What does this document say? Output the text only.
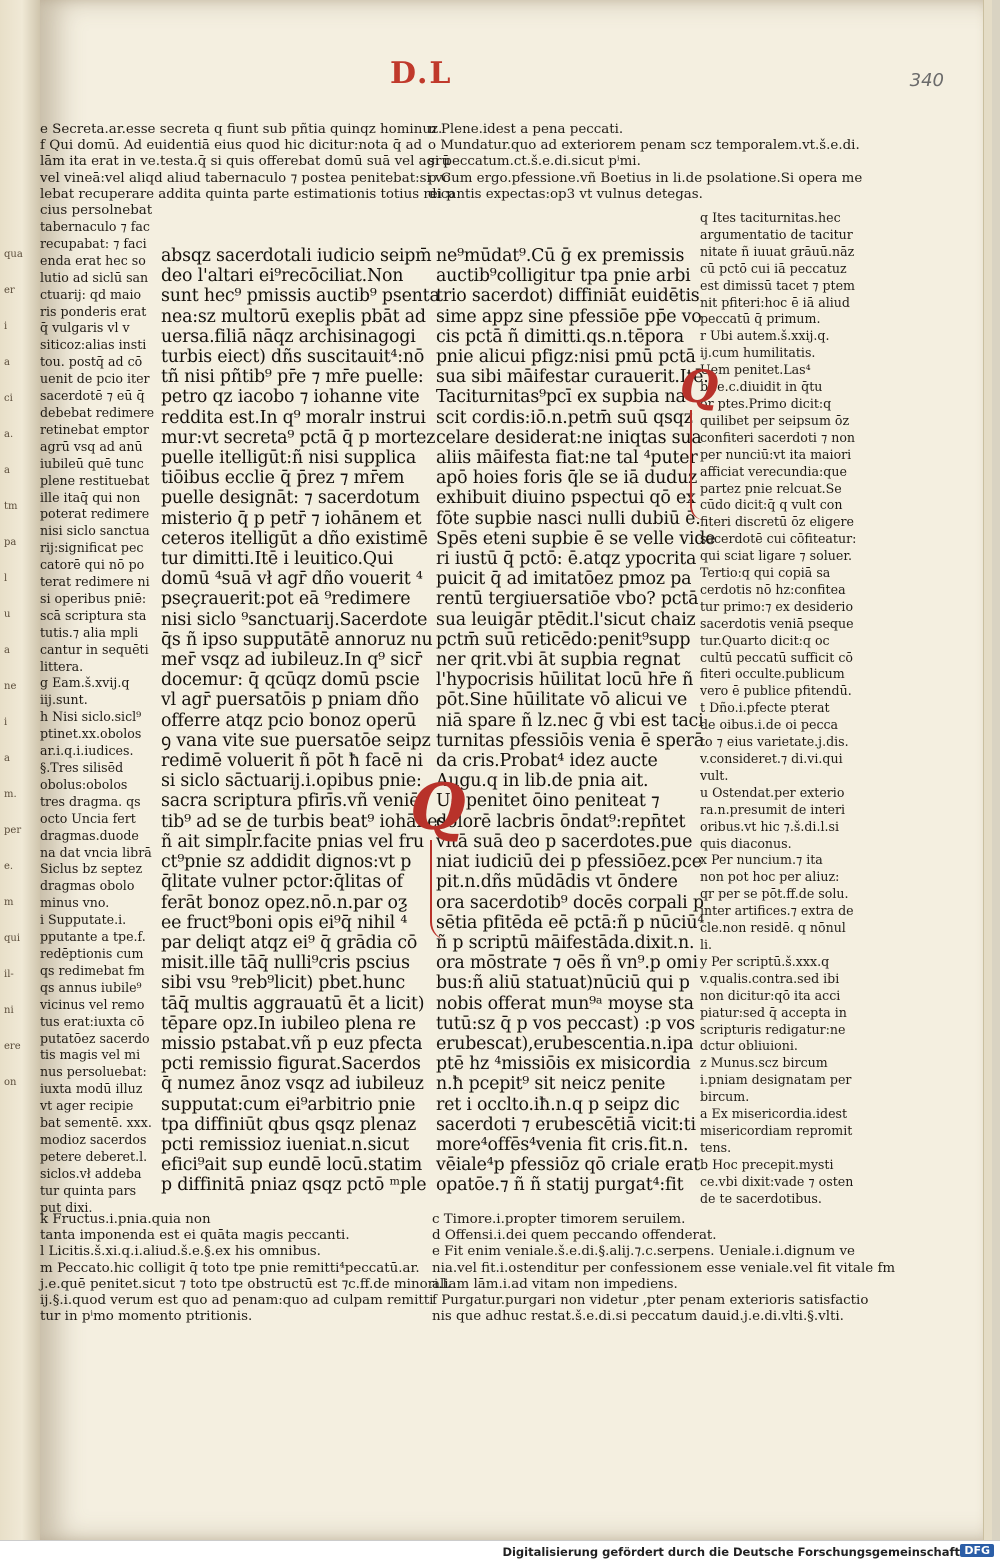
qua
er
i
a
ci
a.
a
tm
pa
l
u
a
ne
i
a
m.
per
e.
m
qui
il-
ni
ere
on
D.L	340
e Secreta.ar.esse secreta q fiunt sub pñtia quinqz hominuz.
f Qui domū. Ad euidentiā eius quod hic dicitur:nota q̄ ad
lām ita erat in ve.testa.q̄ si quis offerebat domū suā vel agrū
vel vineā:vel aliqd aliud tabernaculo ⁊ postea penitebat:si vo
lebat recuperare addita quinta parte estimationis totius rei p
cius persolnebat
tabernaculo ⁊ fac
recupabat: ⁊ faci
enda erat hec so
lutio ad siclū san
ctuarij: qd maio
ris ponderis erat
q̄ vulgaris vl v
siticoz:alias insti
tou. postq̄ ad cō
uenit de pcio iter
sacerdotē ⁊ eū q̄
debebat redimere
retinebat emptor
agrū vsq ad anū
iubileū quē tunc
plene restituebat
ille itaq̄ qui non
poterat redimere
nisi siclo sanctua
rij:significat pec
catorē qui nō po
terat redimere ni
si operibus pniē:
scā scriptura sta
tutis.⁊ alia mpli
cantur in sequēti
littera.
g Eam.š.xvij.q
iij.sunt.
h Nisi siclo.sicl⁹
ptinet.xx.obolos
ar.i.q.i.iudices.
§.Tres silisēd
obolus:obolos
tres dragma. qs
octo Uncia fert
dragmas.duode
na dat vncia librā
Siclus bz septez
dragmas obolo
minus vno.
i Supputate.i.
pputante a tpe.f.
redēptionis cum
qs redimebat fm
qs annus iubile⁹
vicinus vel remo
tus erat:iuxta cō
putatōez sacerdo
tis magis vel mi
nus persoluebat:
iuxta modū illuz
vt ager recipie
bat sementē. xxx.
modioz sacerdos
petere deberet.l.
siclos.vł addeba
tur quinta pars
put dixi.
absqz sacerdotali iudicio seipm̄
deo l'altari ei⁹recōciliat.Non
sunt hec⁹ pmissis auctib⁹ psenta
nea:sz multorū exeplis pbāt ad
uersa.filiā nāqz archisinagogi
turbis eiect) dñs suscitauit⁴:nō
tñ nisi pñtib⁹ pr̄e ⁊ mr̄e puelle:
petro qz iacobo ⁊ iohanne vite
reddita est.In q⁹ moralr instrui
mur:vt secreta⁹ pctā q̄ p mortez
puelle itelligūt:ñ nisi supplica
tiōibus ecclie q̄ p̄rez ⁊ mr̄em
puelle designāt: ⁊ sacerdotum
misterio q̄ p petr̄ ⁊ iohānem et
ceteros itelligūt a dño existimē
tur dimitti.Itē i leuitico.Qui
domū ⁴suā vł agr̄ dño vouerit ⁴
pseçrauerit:pot eā ⁹redimere
nisi siclo ⁹sanctuarij.Sacerdote
q̄s ñ ipso supputātē annoruz nu
mer̄ vsqz ad iubileuz.In q⁹ sicr̄
docemur: q̄ qcūqz domū pscie
vl agr̄ puersatōis p pniam dño
offerre atqz pcio bonoz operū
ꝯ vana vite sue puersatōe seipz
redimē voluerit ñ pōt ħ facē ni
si siclo sāctuarij.i.opibus pnie:
sacra scriptura pfirīs.vñ veniē
tib⁹ ad se de turbis beat⁹ iohānes
ñ ait simpl̄r.facite pnias vel fru
ct⁹pnie sz addidit dignos:vt p
q̄litate vulner pctor:q̄litas of
ferāt bonoz opez.nō.n.par oƺ
ee fruct⁹boni opis ei⁹q̄ nihil ⁴
par deliqt atqz ei⁹ q̄ grādia cō
misit.ille tāq̄ nulli⁹cris pscius
sibi vsu ⁹reb⁹licit) pbet.hunc
tāq̄ multis aggrauatū ēt a licit)
tēpare opz.In iubileo plena re
missio pstabat.vñ p euz pfecta
pcti remissio figurat.Sacerdos
q̄ numez ānoz vsqz ad iubileuz
supputat:cum ei⁹arbitrio pnie
tpa diffiniūt qbus qsqz plenaz
pcti remissioz iueniat.n.sicut
efici⁹ait sup eundē locū.statim
p diffinitā pniaz qsqz pctō ᵐple
ne⁹mūdat⁹.Cū ḡ ex premissis
auctib⁹colligitur tpa pnie arbi
trio sacerdot) diffiniāt euidētis
sime appz sine pfessiōe pp̄e vo
cis pctā ñ dimitti.qs.n.tēpora
pnie alicui pfigz:nisi pmū pctā
sua sibi māifestar curauerit.Itē.
Taciturnitas⁹pcī ex supbia na
scit cordis:iō.n.petm̄ suū qsqz
celare desiderat:ne iniqtas sua
aliis māifesta fiat:ne tal ⁴puter
apō hoies foris q̄le se iā duduz
exhibuit diuino pspectui qō ex
fōte supbie nasci nulli dubiū ē.
Spēs eteni supbie ē se velle vide
ri iustū q̄ pctō: ē.atqz ypocrita
puicit q̄ ad imitatōez pmoz pa
rentū tergiuersatiōe vbo? pctā
sua leuigār ptēdit.l'sicut chaiz
pctm̄ suū reticēdo:penit⁹supp
ner qrit.vbi āt supbia regnat
l'hypocrisis hūilitat locū hr̄e ñ
pōt.Sine hūilitate vō alicui ve
niā spare ñ lz.nec ḡ vbi est taci
turnitas pfessiōis venia ē sperā
da cris.Probat⁴ idez aucte
Augu.q in lib.de pnia ait.
Uē penitet ōino peniteat ⁊
dolorē lacbris ōndat⁹:repn̄tet
vitā suā deo p sacerdotes.pue
niat iudiciū dei p pfessiōez.pce
pit.n.dñs mūdādis vt ōndere
ora sacerdotib⁹ docēs corpali p
sētia pfitēda eē pctā:ñ p nūciū⁴
ñ p scriptū māifestāda.dixit.n.
ora mōstrate ⁊ oēs ñ vn⁹.p omi
bus:ñ aliū statuat)nūciū qui p
nobis offerat mun⁹ᵃ moyse sta
tutū:sz q̄ p vos peccast) :p vos
erubescat),erubescentia.n.ipa
ptē hz ⁴missiōis ex misicordia
n.ħ pcepit⁹ sit neicz penite
ret i occlto.iħ.n.q p seipz dic
sacerdoti ⁊ erubescētiā vicit:ti
more⁴offēs⁴venia fit cris.fit.n.
vēiale⁴p pfessiōz qō criale erat
opatōe.⁊ ñ ñ statij purgat⁴:fit
q Ites taciturnitas.hec
argumentatio de tacitur
nitate ñ iuuat grāuū.nāz
cū pctō cui iā peccatuz
est dimissū tacet ⁊ ptem
nit pfiteri:hoc ē iā aliud
peccatū q̄ primum.
r Ubi autem.š.xxij.q.
ij.cum humilitatis.
Uem penitet.Las⁴
b⁹.e.c.diuidit in q̄tu
or ptes.Primo dicit:q
quilibet per seipsum ōz
confiteri sacerdoti ⁊ non
per nunciū:vt ita maiori
afficiat verecundia:que
partez pnie relcuat.Se
cūdo dicit:q̄ q vult con
fiteri discretū ōz eligere
sacerdotē cui cōfiteatur:
qui sciat ligare ⁊ soluer.
Tertio:q qui copiā sa
cerdotis nō hz:confitea
tur primo:⁊ ex desiderio
sacerdotis veniā pseque
tur.Quarto dicit:q oc
cultū peccatū sufficit cō
fiteri occulte.publicum
vero ē publice pfitendū.
t Dño.i.pfecte pterat
de oibus.i.de oi pecca
to ⁊ eius varietate.j.dis.
v.consideret.⁊ di.vi.qui
vult.
u Ostendat.per exterio
ra.n.presumit de interi
oribus.vt hic ⁊.š.di.l.si
quis diaconus.
x Per nuncium.⁊ ita
non pot hoc per aliuz:
qr per se pōt.ff.de solu.
inter artifices.⁊ extra de
cle.non residē. q nōnul
li.
y Per scriptū.š.xxx.q
v.qualis.contra.sed ibi
non dicitur:qō ita acci
piatur:sed q̄ accepta in
scripturis redigatur:ne
dctur obliuioni.
z Munus.scz bircum
i.pniam designatam per
bircum.
a Ex misericordia.idest
misericordiam repromit
tens.
b Hoc precepit.mysti
ce.vbi dixit:vade ⁊ osten
de te sacerdotibus.
n Plene.idest a pena peccati.
o Mundatur.quo ad exteriorem penam scz temporalem.vt.š.e.di.
si peccatum.ct.š.e.di.sicut pⁱmi.
p Cum ergo.pfessione.vñ Boetius in li.de psolatione.Si opera me
dicantis expectas:op3 vt vulnus detegas.
k Fructus.i.pnia.quia non
tanta imponenda est ei quāta magis peccanti.
l Licitis.š.xi.q.i.aliud.š.e.§.ex his omnibus.
m Peccato.hic colligit q̄ toto tpe pnie remitti⁴peccatū.ar.
j.e.quē penitet.sicut ⁊ toto tpe obstructū est ⁊c.ff.de minori.l.
ij.§.i.quod verum est quo ad penam:quo ad culpam remitti
tur in pⁱmo momento ptritionis.
c Timore.i.propter timorem seruilem.
d Offensi.i.dei quem peccando offenderat.
e Fit enim veniale.š.e.di.§.alij.⁊.c.serpens. Ueniale.i.dignum ve
nia.vel fit.i.ostenditur per confessionem esse veniale.vel fit vitale fm
aliam lām.i.ad vitam non impediens.
f Purgatur.purgari non videtur ,pter penam exterioris satisfactio
nis que adhuc restat.š.e.di.si peccatum dauid.j.e.di.vlti.§.vlti.
Q
Q
Digitalisierung gefördert durch die Deutsche Forschungsgemeinschaft DFG
